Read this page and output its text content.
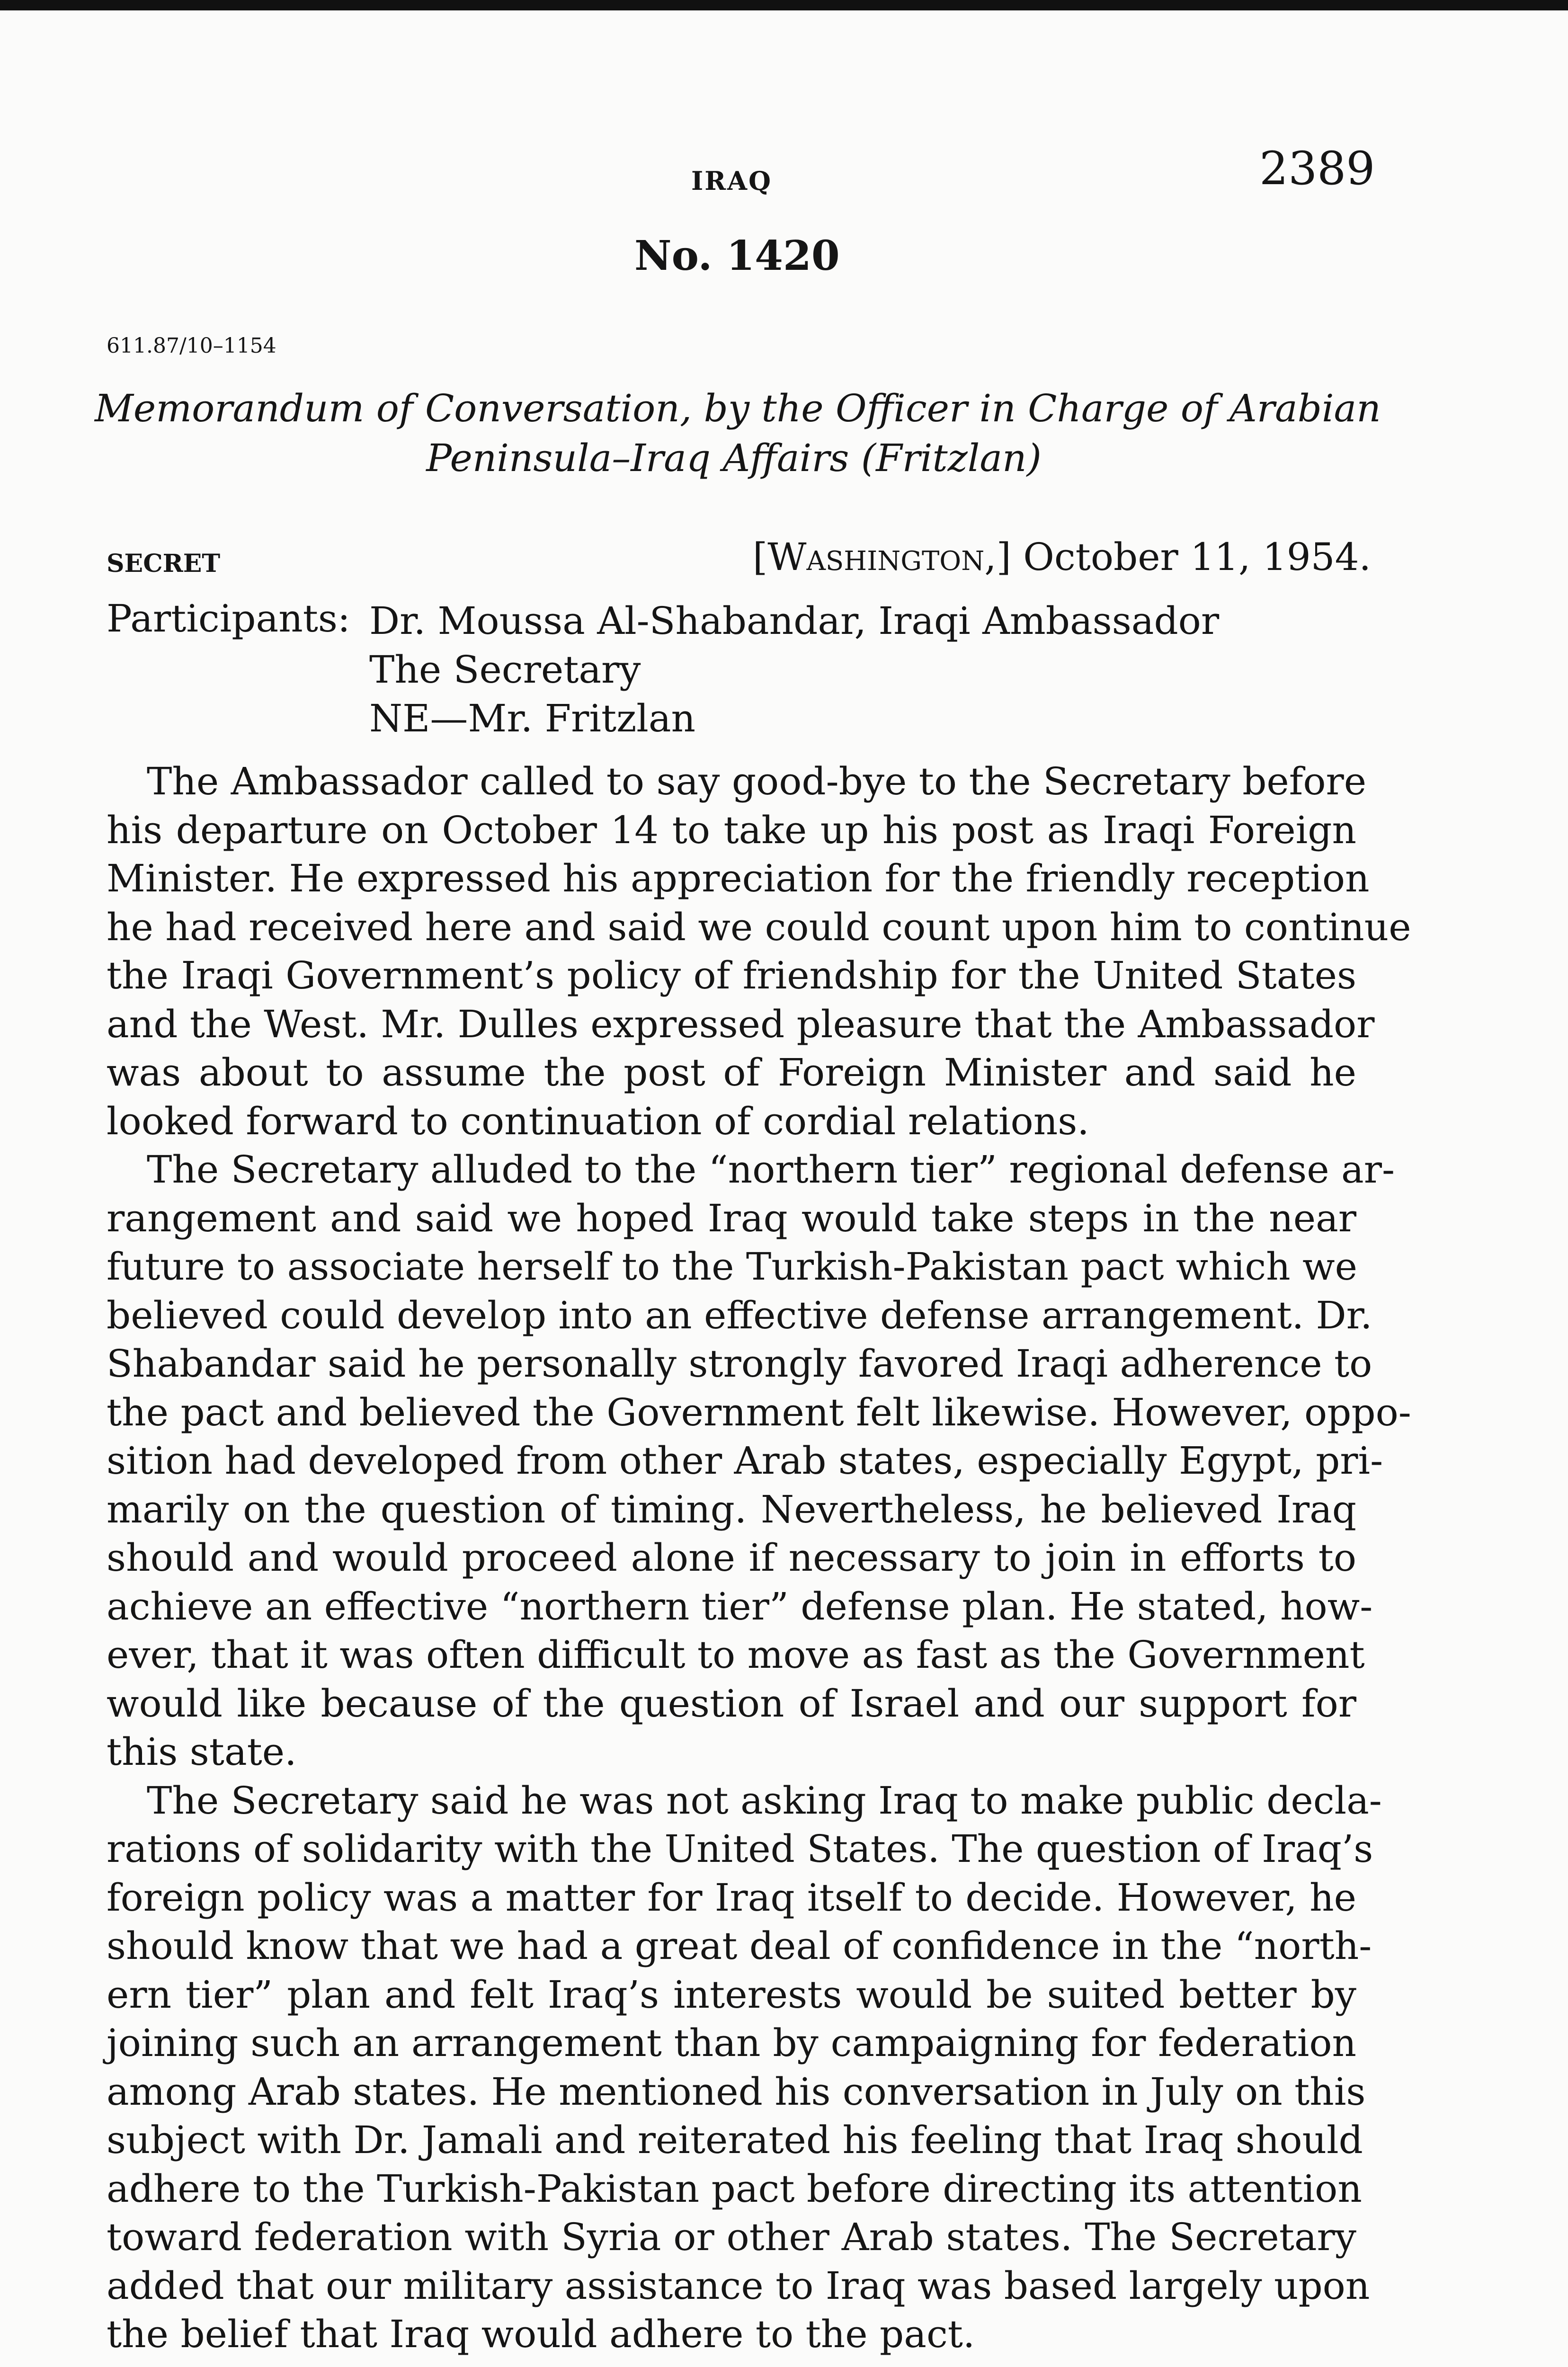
IRAQ	2389
No. 1420
611.87/10–1154
Memorandum of Conversation, by the Officer in Charge of Arabian
Peninsula–Iraq Affairs (Fritzlan)
SECRET	[Washington,] October 11, 1954.
Participants: Dr. Moussa Al-Shabandar, Iraqi Ambassador
The Secretary
NE—Mr. Fritzlan
The Ambassador called to say good-bye to the Secretary before
his departure on October 14 to take up his post as Iraqi Foreign
Minister. He expressed his appreciation for the friendly reception
he had received here and said we could count upon him to continue
the Iraqi Government’s policy of friendship for the United States
and the West. Mr. Dulles expressed pleasure that the Ambassador
was about to assume the post of Foreign Minister and said he
looked forward to continuation of cordial relations.
The Secretary alluded to the “northern tier” regional defense ar-
rangement and said we hoped Iraq would take steps in the near
future to associate herself to the Turkish-Pakistan pact which we
believed could develop into an effective defense arrangement. Dr.
Shabandar said he personally strongly favored Iraqi adherence to
the pact and believed the Government felt likewise. However, oppo-
sition had developed from other Arab states, especially Egypt, pri-
marily on the question of timing. Nevertheless, he believed Iraq
should and would proceed alone if necessary to join in efforts to
achieve an effective “northern tier” defense plan. He stated, how-
ever, that it was often difficult to move as fast as the Government
would like because of the question of Israel and our support for
this state.
The Secretary said he was not asking Iraq to make public decla-
rations of solidarity with the United States. The question of Iraq’s
foreign policy was a matter for Iraq itself to decide. However, he
should know that we had a great deal of confidence in the “north-
ern tier” plan and felt Iraq’s interests would be suited better by
joining such an arrangement than by campaigning for federation
among Arab states. He mentioned his conversation in July on this
subject with Dr. Jamali and reiterated his feeling that Iraq should
adhere to the Turkish-Pakistan pact before directing its attention
toward federation with Syria or other Arab states. The Secretary
added that our military assistance to Iraq was based largely upon
the belief that Iraq would adhere to the pact.
